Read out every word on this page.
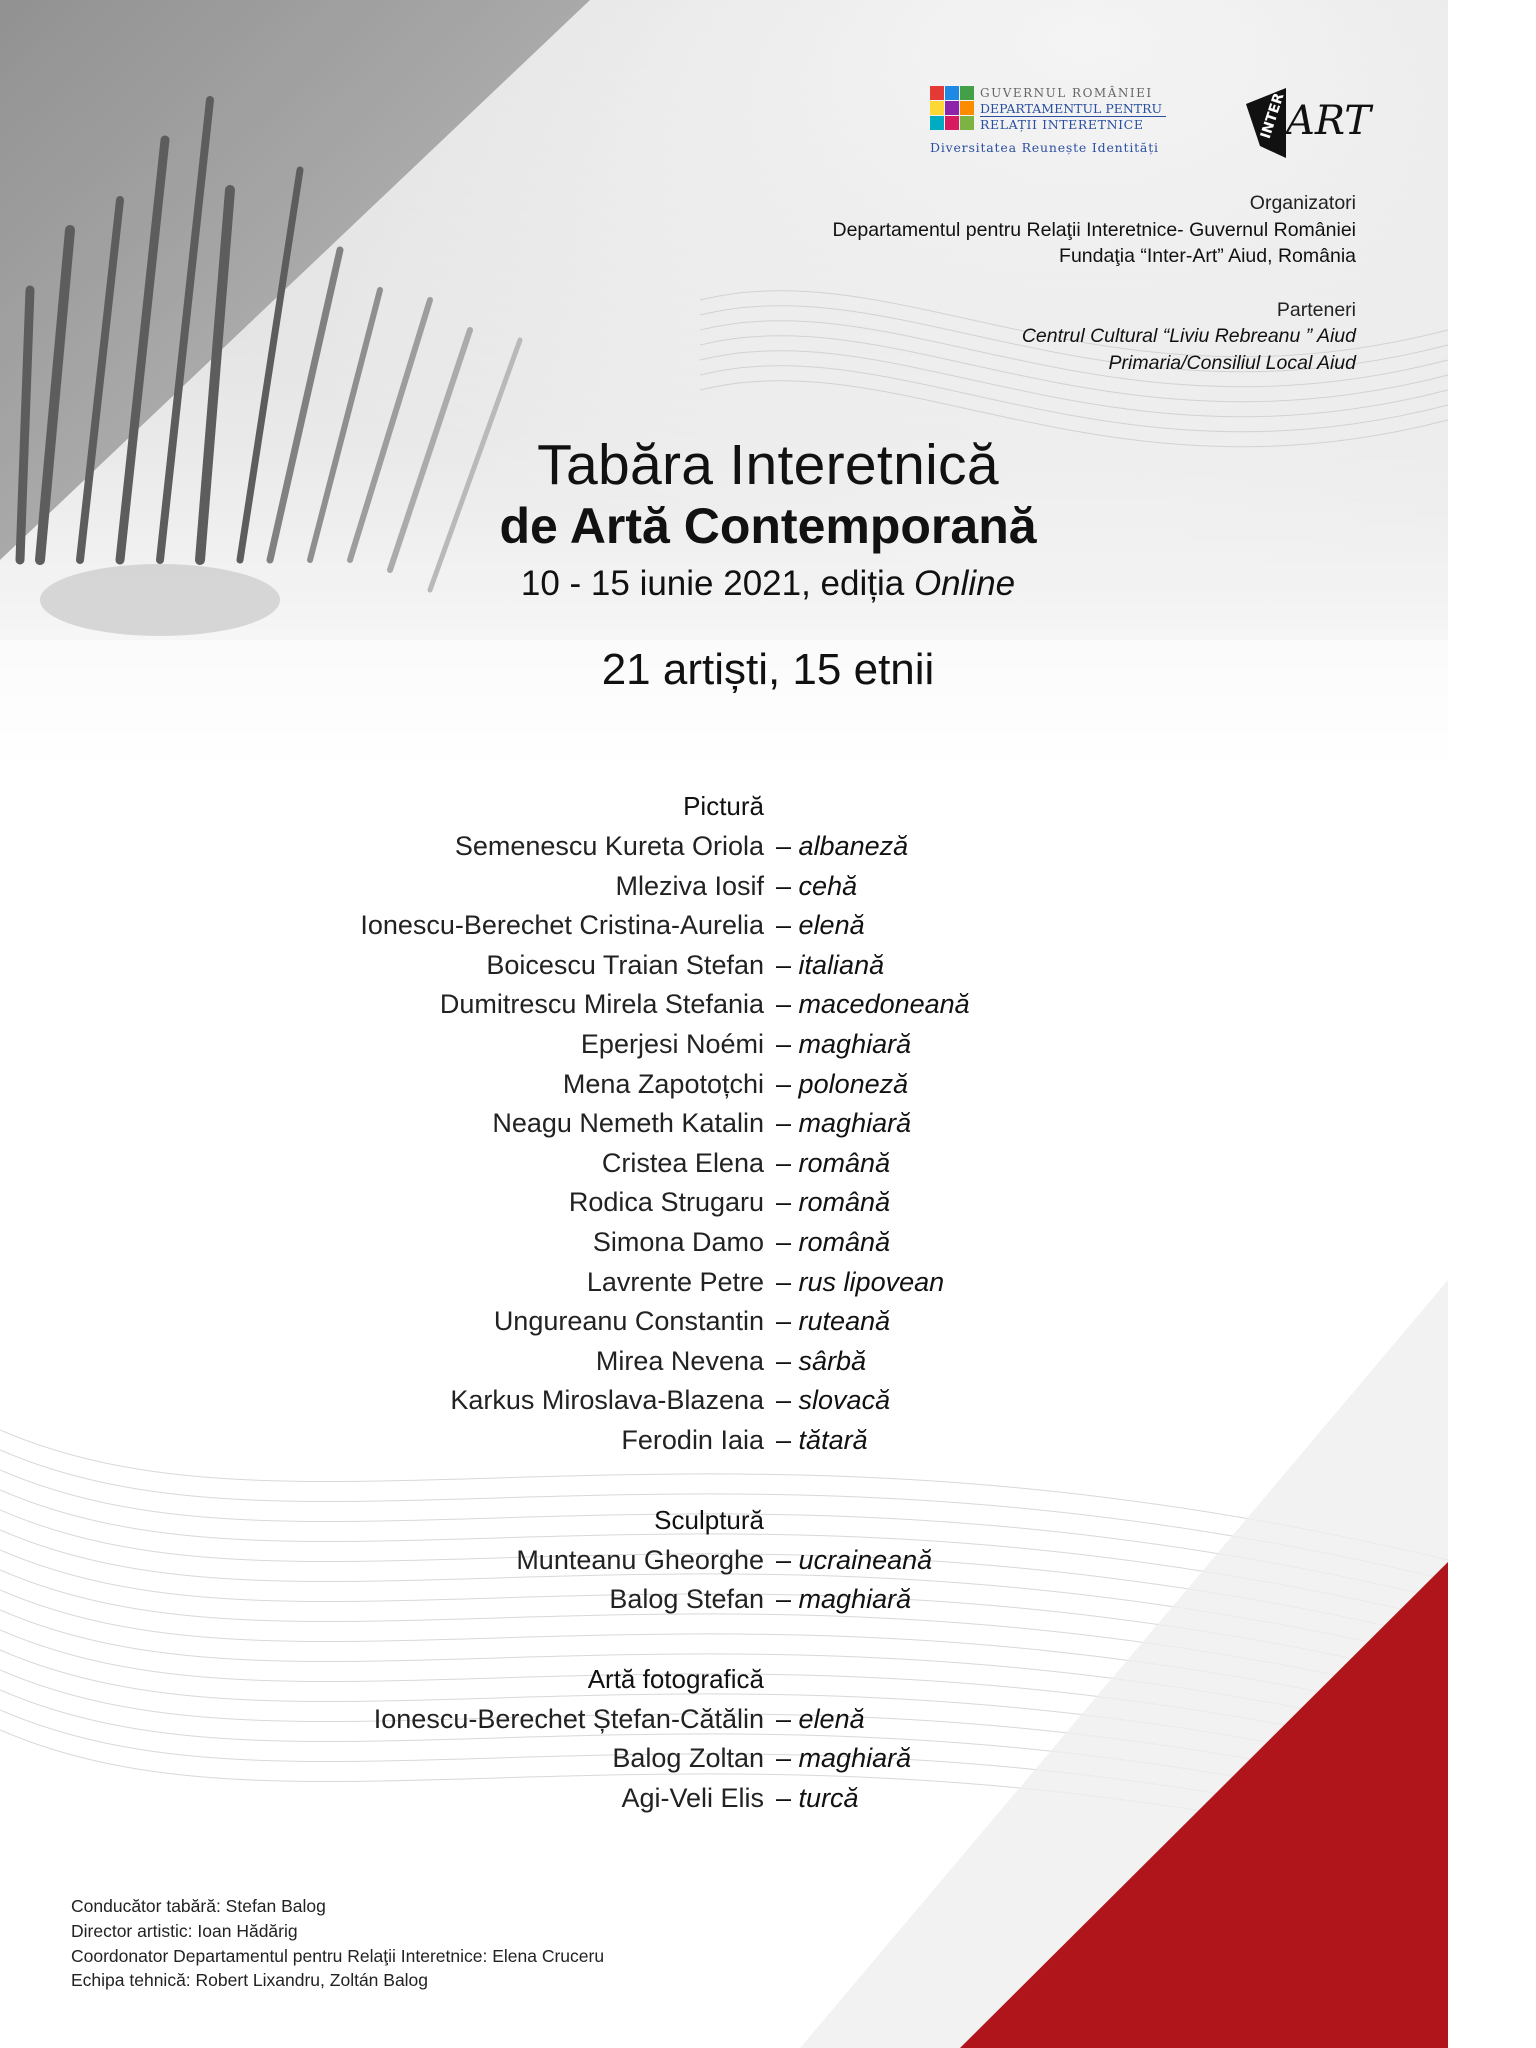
GUVERNUL ROMÂNIEI
DEPARTAMENTUL PENTRU
RELAȚII INTERETNICE
Diversitatea Reunește Identități
INTER
ART
Organizatori
Departamentul pentru Relaţii Interetnice- Guvernul României
Fundaţia “Inter-Art” Aiud, România
Parteneri
Centrul Cultural “Liviu Rebreanu ” Aiud
Primaria/Consiliul Local Aiud
Tabăra Interetnică
de Artă Contemporană
10 - 15 iunie 2021, ediția Online
21 artiști, 15 etnii
Pictură
Semenescu Kureta Oriola – albaneză
Mleziva Iosif – cehă
Ionescu-Berechet Cristina-Aurelia – elenă
Boicescu Traian Stefan – italiană
Dumitrescu Mirela Stefania – macedoneană
Eperjesi Noémi – maghiară
Mena Zapotoțchi – poloneză
Neagu Nemeth Katalin – maghiară
Cristea Elena – română
Rodica Strugaru – română
Simona Damo – română
Lavrente Petre – rus lipovean
Ungureanu Constantin – ruteană
Mirea Nevena – sârbă
Karkus Miroslava-Blazena – slovacă
Ferodin Iaia – tătară
Sculptură
Munteanu Gheorghe – ucraineană
Balog Stefan – maghiară
Artă fotografică
Ionescu-Berechet Ștefan-Cătălin – elenă
Balog Zoltan – maghiară
Agi-Veli Elis – turcă
Conducător tabără: Stefan Balog
Director artistic: Ioan Hădărig
Coordonator Departamentul pentru Relaţii Interetnice: Elena Cruceru
Echipa tehnică: Robert Lixandru, Zoltán Balog
